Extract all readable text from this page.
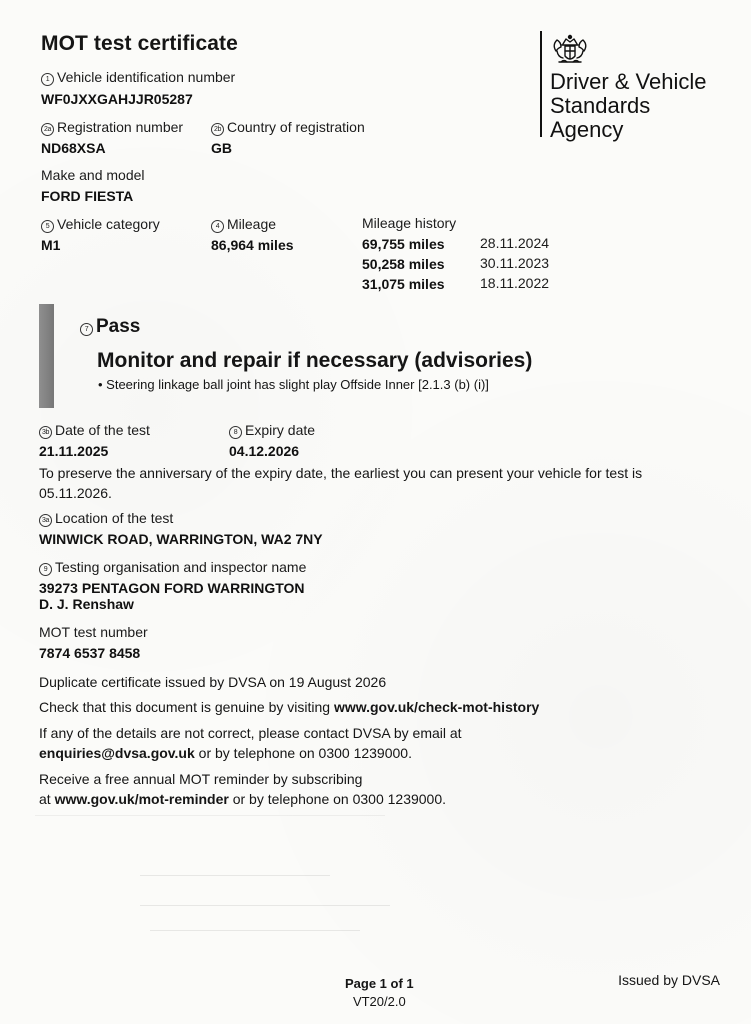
MOT test certificate
Driver & Vehicle
Standards
Agency
1 Vehicle identification number
WF0JXXGAHJJR05287
2a Registration number
ND68XSA
2b Country of registration
GB
Make and model
FORD FIESTA
5 Vehicle category
M1
4 Mileage
86,964 miles
Mileage history
69,755 miles	28.11.2024
50,258 miles	30.11.2023
31,075 miles	18.11.2022
7 Pass
Monitor and repair if necessary (advisories)
• Steering linkage ball joint has slight play Offside Inner [2.1.3 (b) (i)]
3b Date of the test
21.11.2025
8 Expiry date
04.12.2026
To preserve the anniversary of the expiry date, the earliest you can present your vehicle for test is
05.11.2026.
3a Location of the test
WINWICK ROAD, WARRINGTON, WA2 7NY
9 Testing organisation and inspector name
39273 PENTAGON FORD WARRINGTON
D. J. Renshaw
MOT test number
7874 6537 8458
Duplicate certificate issued by DVSA on 19 August 2026
Check that this document is genuine by visiting www.gov.uk/check-mot-history
If any of the details are not correct, please contact DVSA by email at
enquiries@dvsa.gov.uk or by telephone on 0300 1239000.
Receive a free annual MOT reminder by subscribing
at www.gov.uk/mot-reminder or by telephone on 0300 1239000.
Page 1 of 1
VT20/2.0
Issued by DVSA
